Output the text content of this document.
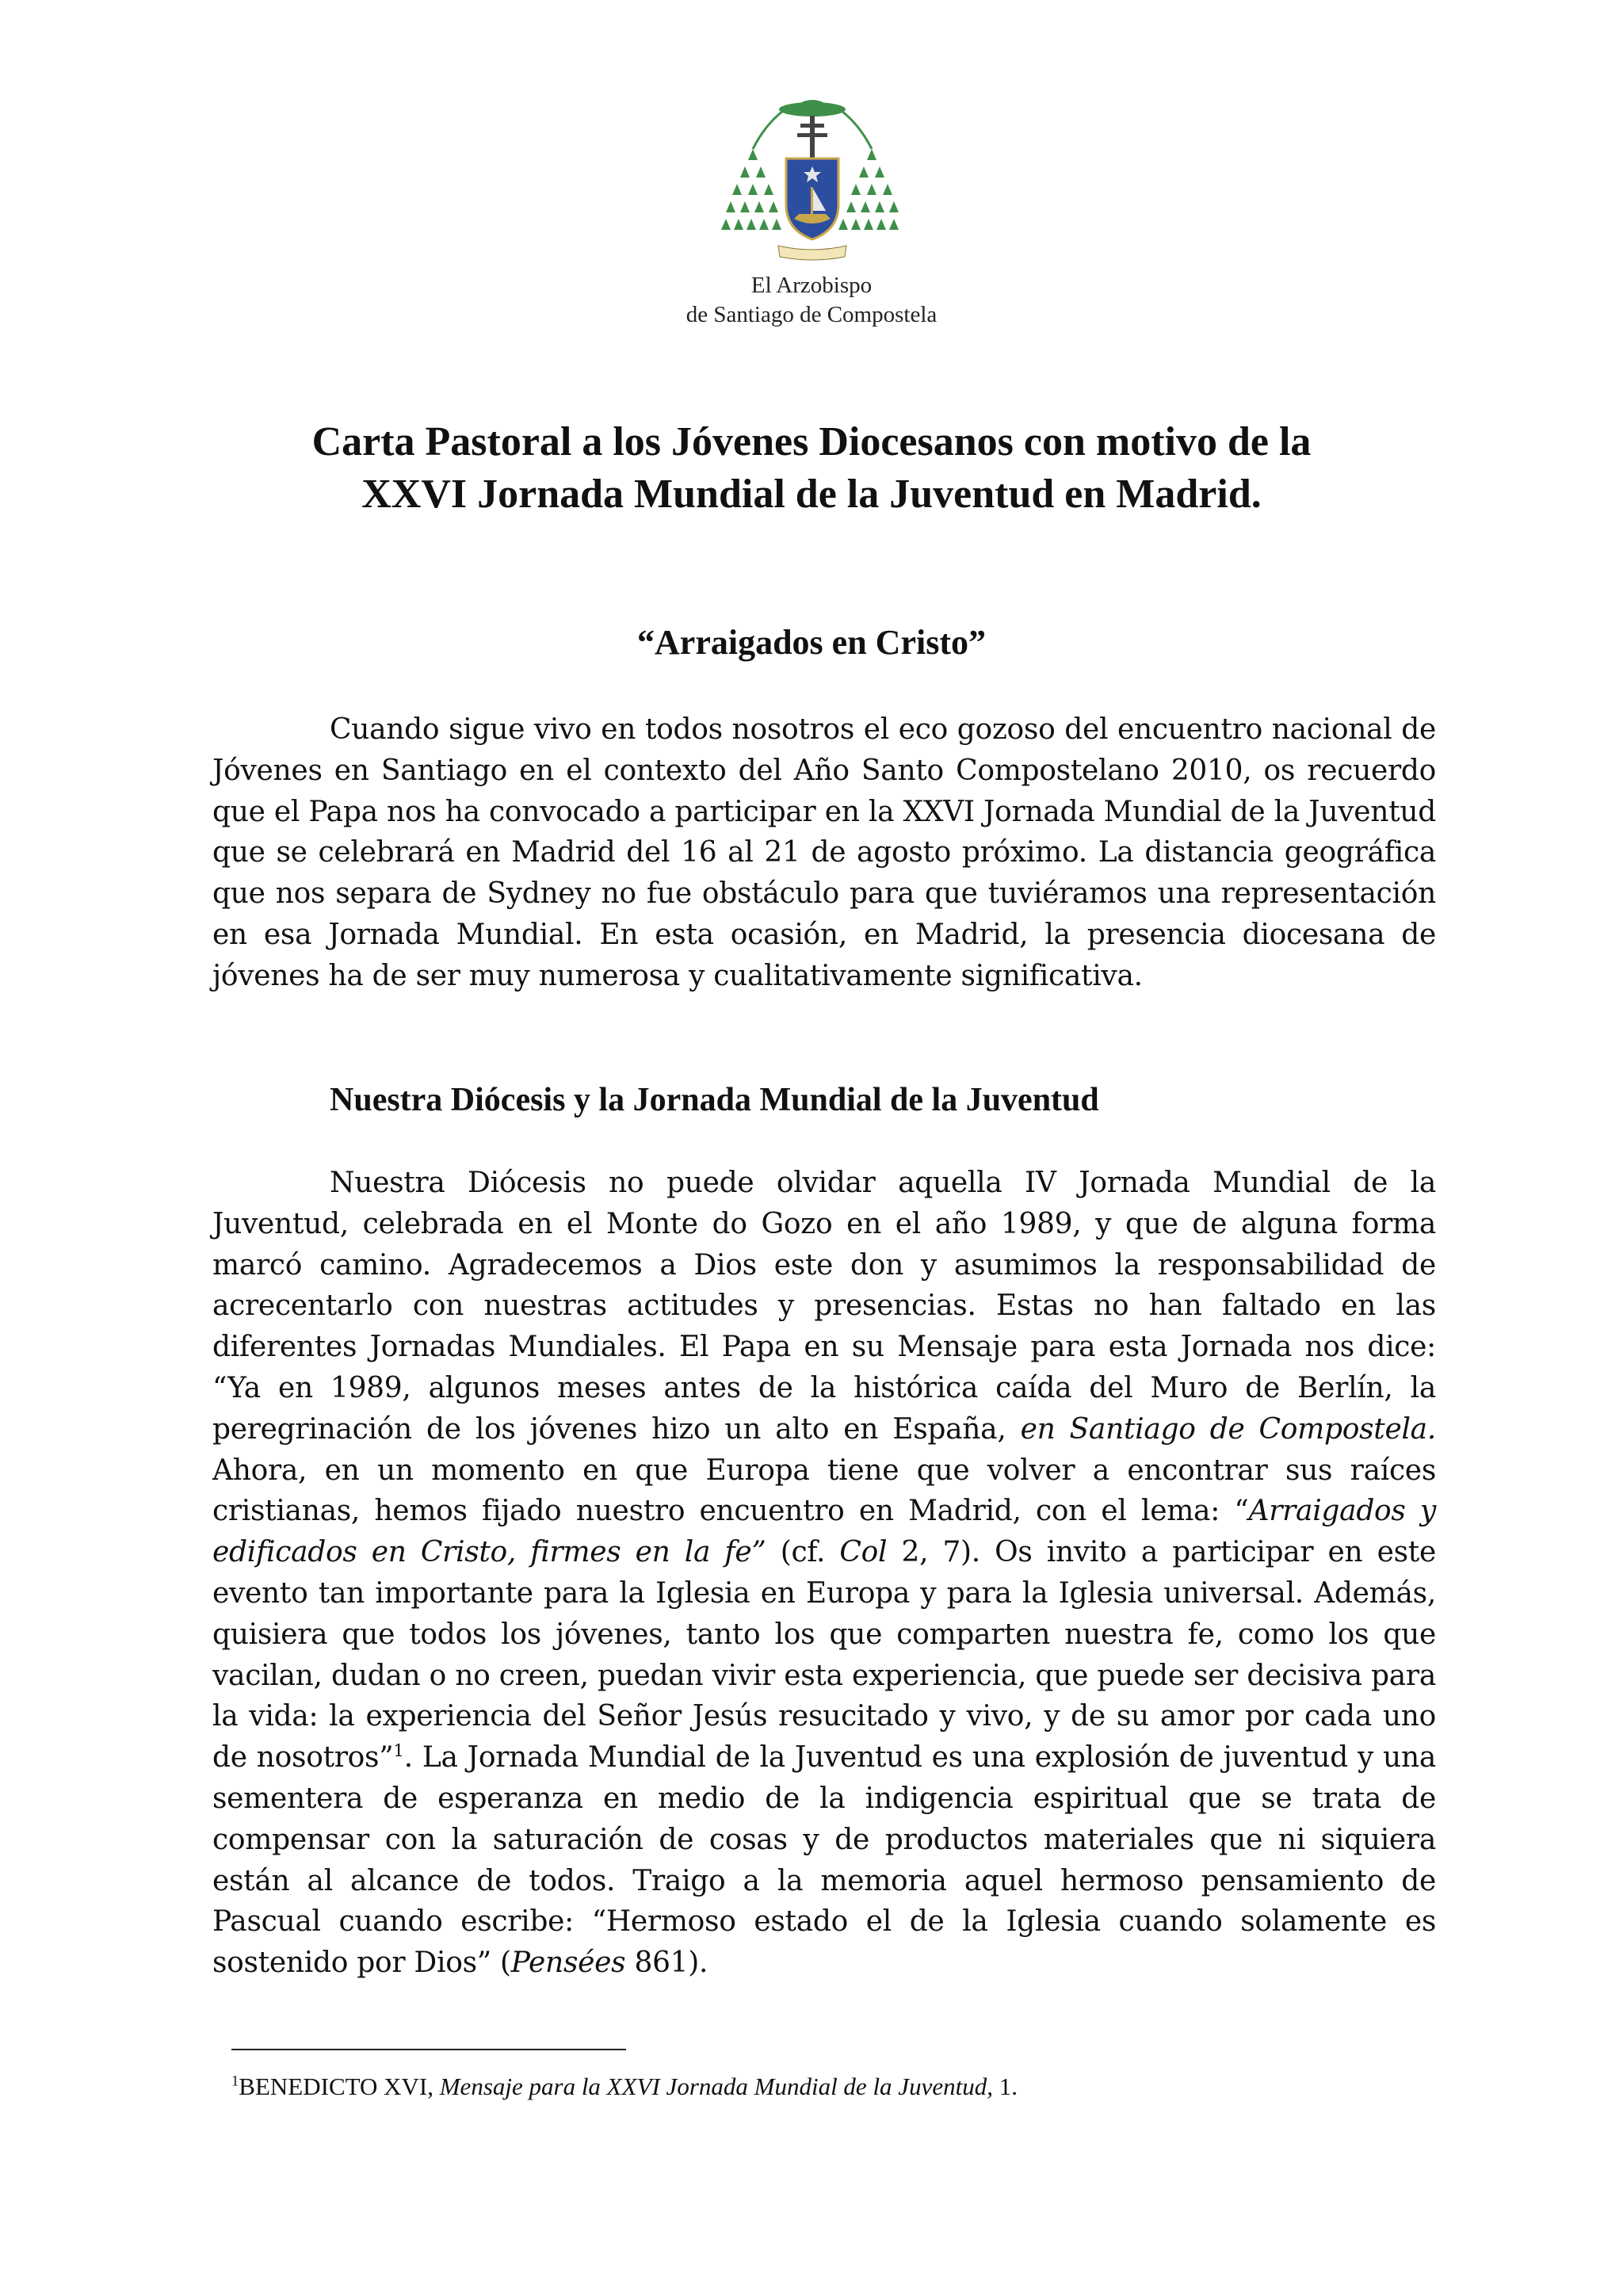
El Arzobispo
de Santiago de Compostela
Carta Pastoral a los Jóvenes Diocesanos con motivo de la
XXVI Jornada Mundial de la Juventud en Madrid.
“Arraigados en Cristo”

Cuando sigue vivo en todos nosotros el eco gozoso del encuentro nacional de Jóvenes en Santiago en el contexto del Año Santo Compostelano 2010, os recuerdo que el Papa nos ha convocado a participar en la XXVI Jornada Mundial de la Juventud que se celebrará en Madrid del 16 al 21 de agosto próximo. La distancia geográfica que nos separa de Sydney no fue obstáculo para que tuviéramos una representación en esa Jornada Mundial. En esta ocasión, en Madrid, la presencia diocesana de jóvenes ha de ser muy numerosa y cualitativamente significativa.

Nuestra Diócesis y la Jornada Mundial de la Juventud

Nuestra Diócesis no puede olvidar aquella IV Jornada Mundial de la Juventud, celebrada en el Monte do Gozo en el año 1989, y que de alguna forma marcó camino. Agradecemos a Dios este don y asumimos la responsabilidad de acrecentarlo con nuestras actitudes y presencias. Estas no han faltado en las diferentes Jornadas Mundiales. El Papa en su Mensaje para esta Jornada nos dice: “Ya en 1989, algunos meses antes de la histórica caída del Muro de Berlín, la peregrinación de los jóvenes hizo un alto en España, en Santiago de Compostela. Ahora, en un momento en que Europa tiene que volver a encontrar sus raíces cristianas, hemos fijado nuestro encuentro en Madrid, con el lema: “Arraigados y edificados en Cristo, firmes en la fe” (cf. Col 2, 7). Os invito a participar en este evento tan importante para la Iglesia en Europa y para la Iglesia universal. Además, quisiera que todos los jóvenes, tanto los que comparten nuestra fe, como los que vacilan, dudan o no creen, puedan vivir esta experiencia, que puede ser decisiva para la vida: la experiencia del Señor Jesús resucitado y vivo, y de su amor por cada uno de nosotros”$^1$. La Jornada Mundial de la Juventud es una explosión de juventud y una sementera de esperanza en medio de la indigencia espiritual que se trata de compensar con la saturación de cosas y de productos materiales que ni siquiera están al alcance de todos. Traigo a la memoria aquel hermoso pensamiento de Pascual cuando escribe: “Hermoso estado el de la Iglesia cuando solamente es sostenido por Dios” (Pensées 861).

$^1$BENEDICTO XVI, Mensaje para la XXVI Jornada Mundial de la Juventud, 1.
